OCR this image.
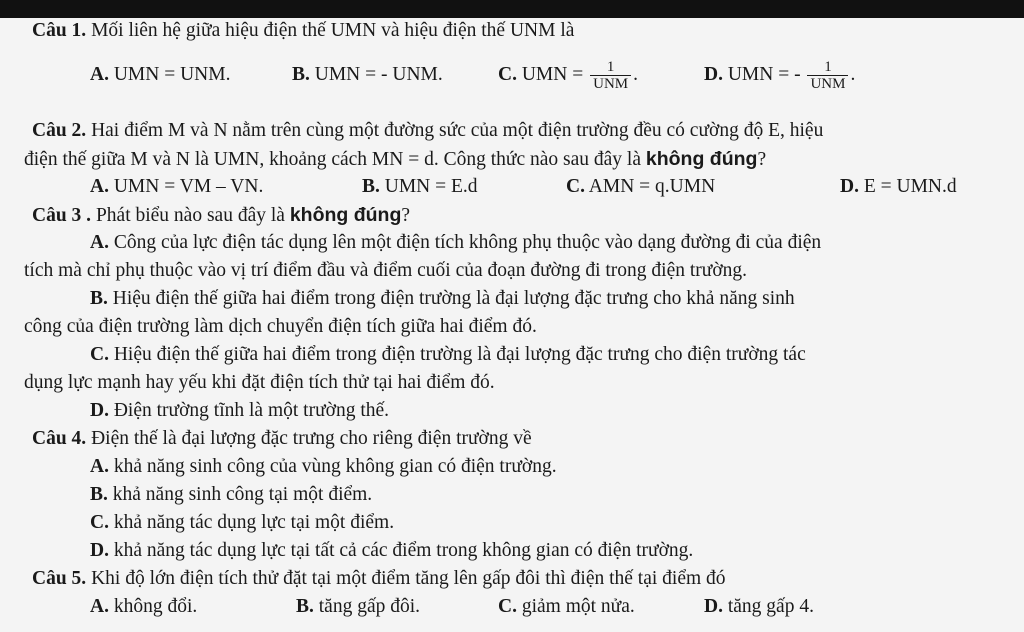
Câu 1. Mối liên hệ giữa hiệu điện thế UMN và hiệu điện thế UNM là
A. UMN = UNM.	B. UMN = - UNM.	C. UMN = $\frac{1}{\text{UNM}}$ .	D. UMN = - $\frac{1}{\text{UNM}}$ .
Câu 2. Hai điểm M và N nằm trên cùng một đường sức của một điện trường đều có cường độ E, hiệu
điện thế giữa M và N là UMN, khoảng cách MN = d. Công thức nào sau đây là không đúng?
A. UMN = VM – VN.	B. UMN = E.d	C. AMN = q.UMN	D. E = UMN.d
Câu 3 . Phát biểu nào sau đây là không đúng?
A. Công của lực điện tác dụng lên một điện tích không phụ thuộc vào dạng đường đi của điện
tích mà chỉ phụ thuộc vào vị trí điểm đầu và điểm cuối của đoạn đường đi trong điện trường.
B. Hiệu điện thế giữa hai điểm trong điện trường là đại lượng đặc trưng cho khả năng sinh
công của điện trường làm dịch chuyển điện tích giữa hai điểm đó.
C. Hiệu điện thế giữa hai điểm trong điện trường là đại lượng đặc trưng cho điện trường tác
dụng lực mạnh hay yếu khi đặt điện tích thử tại hai điểm đó.
D. Điện trường tĩnh là một trường thế.
Câu 4. Điện thế là đại lượng đặc trưng cho riêng điện trường về
A. khả năng sinh công của vùng không gian có điện trường.
B. khả năng sinh công tại một điểm.
C. khả năng tác dụng lực tại một điểm.
D. khả năng tác dụng lực tại tất cả các điểm trong không gian có điện trường.
Câu 5. Khi độ lớn điện tích thử đặt tại một điểm tăng lên gấp đôi thì điện thế tại điểm đó
A. không đổi.	B. tăng gấp đôi.	C. giảm một nửa.	D. tăng gấp 4.
